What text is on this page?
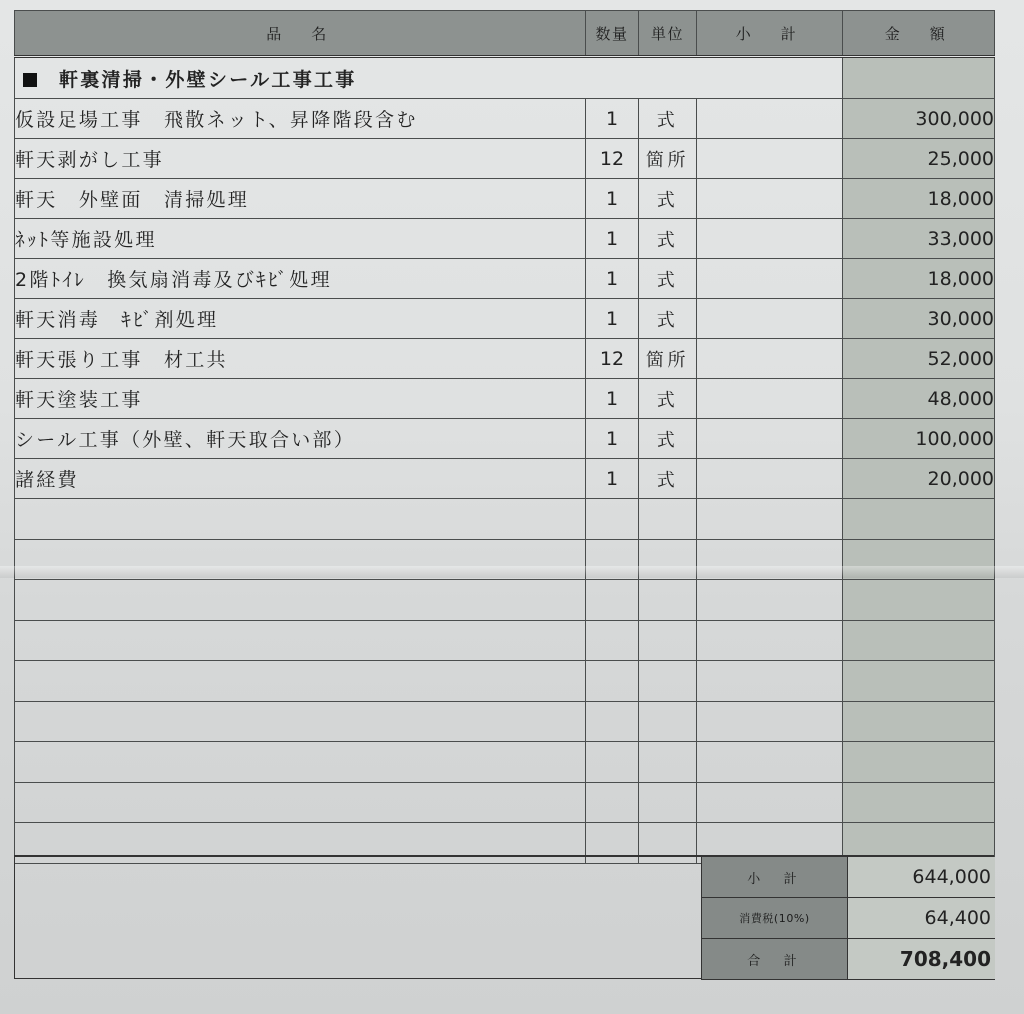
品　名	数量	単位	小　計	金　額
軒裏清掃・外壁シール工事工事				
仮設足場工事　飛散ネット、昇降階段含む	1	式		300,000
軒天剥がし工事	12	箇所		25,000
軒天　外壁面　清掃処理	1	式		18,000
ﾈｯﾄ等施設処理	1	式		33,000
2階ﾄｲﾚ　換気扇消毒及びｷﾋﾞ処理	1	式		18,000
軒天消毒　ｷﾋﾞ剤処理	1	式		30,000
軒天張り工事　材工共	12	箇所		52,000
軒天塗装工事	1	式		48,000
シール工事（外壁、軒天取合い部）	1	式		100,000
諸経費	1	式		20,000

小　計	644,000
消費税(10%)	64,400
合　計	708,400
